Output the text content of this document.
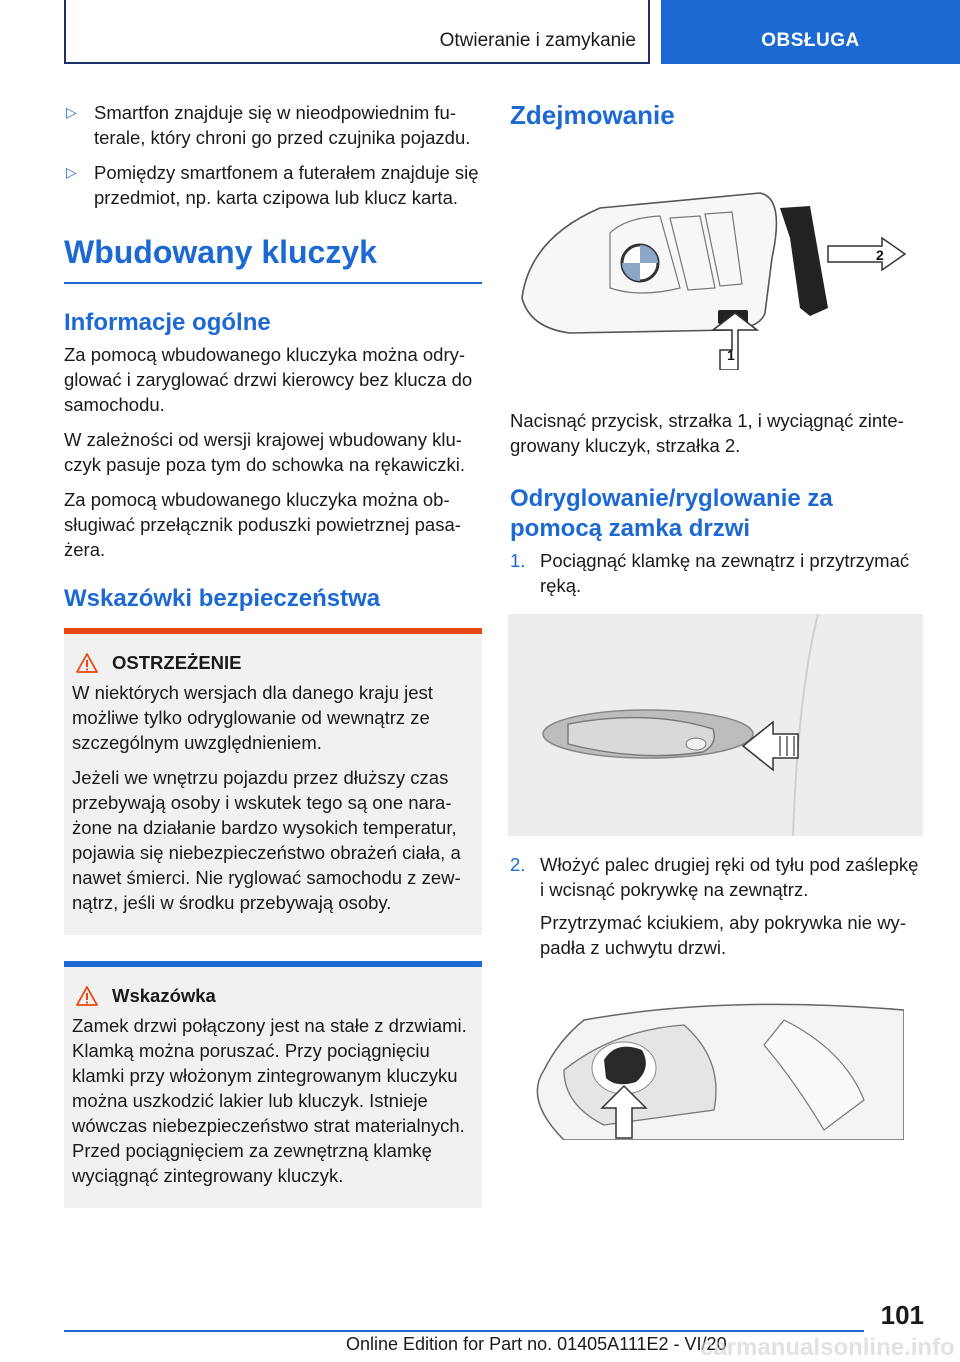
Otwieranie i zamykanie	OBSŁUGA
▷ Smartfon znajduje się w nieodpowiednim futerale, który chroni go przed czujnika pojazdu.
▷ Pomiędzy smartfonem a futerałem znajduje się przedmiot, np. karta czipowa lub klucz karta.
Wbudowany kluczyk
Informacje ogólne

Za pomocą wbudowanego kluczyka można odryglować i zaryglować drzwi kierowcy bez klucza do samochodu.

W zależności od wersji krajowej wbudowany kluczyk pasuje poza tym do schowka na rękawiczki.

Za pomocą wbudowanego kluczyka można obsługiwać przełącznik poduszki powietrznej pasażera.

Wskazówki bezpieczeństwa
OSTRZEŻENIE

W niektórych wersjach dla danego kraju jest możliwe tylko odryglowanie od wewnątrz ze szczególnym uwzględnieniem.

Jeżeli we wnętrzu pojazdu przez dłuższy czas przebywają osoby i wskutek tego są one narażone na działanie bardzo wysokich temperatur, pojawia się niebezpieczeństwo obrażeń ciała, a nawet śmierci. Nie ryglować samochodu z zewnątrz, jeśli w środku przebywają osoby.

Wskazówka

Zamek drzwi połączony jest na stałe z drzwiami. Klamką można poruszać. Przy pociągnięciu klamki przy włożonym zintegrowanym kluczyku można uszkodzić lakier lub kluczyk. Istnieje wówczas niebezpieczeństwo strat materialnych. Przed pociągnięciem za zewnętrzną klamkę wyciągnąć zintegrowany kluczyk.

Zdejmowanie
2
1

Nacisnąć przycisk, strzałka 1, i wyciągnąć zintegrowany kluczyk, strzałka 2.

Odryglowanie/ryglowanie za pomocą zamka drzwi
1. Pociągnąć klamkę na zewnątrz i przytrzymać ręką.
2. Włożyć palec drugiej ręki od tyłu pod zaślepkę i wcisnąć pokrywkę na zewnątrz.

Przytrzymać kciukiem, aby pokrywka nie wypadła z uchwytu drzwi.

101
Online Edition for Part no. 01405A111E2 - VI/20
carmanualsonline.info
